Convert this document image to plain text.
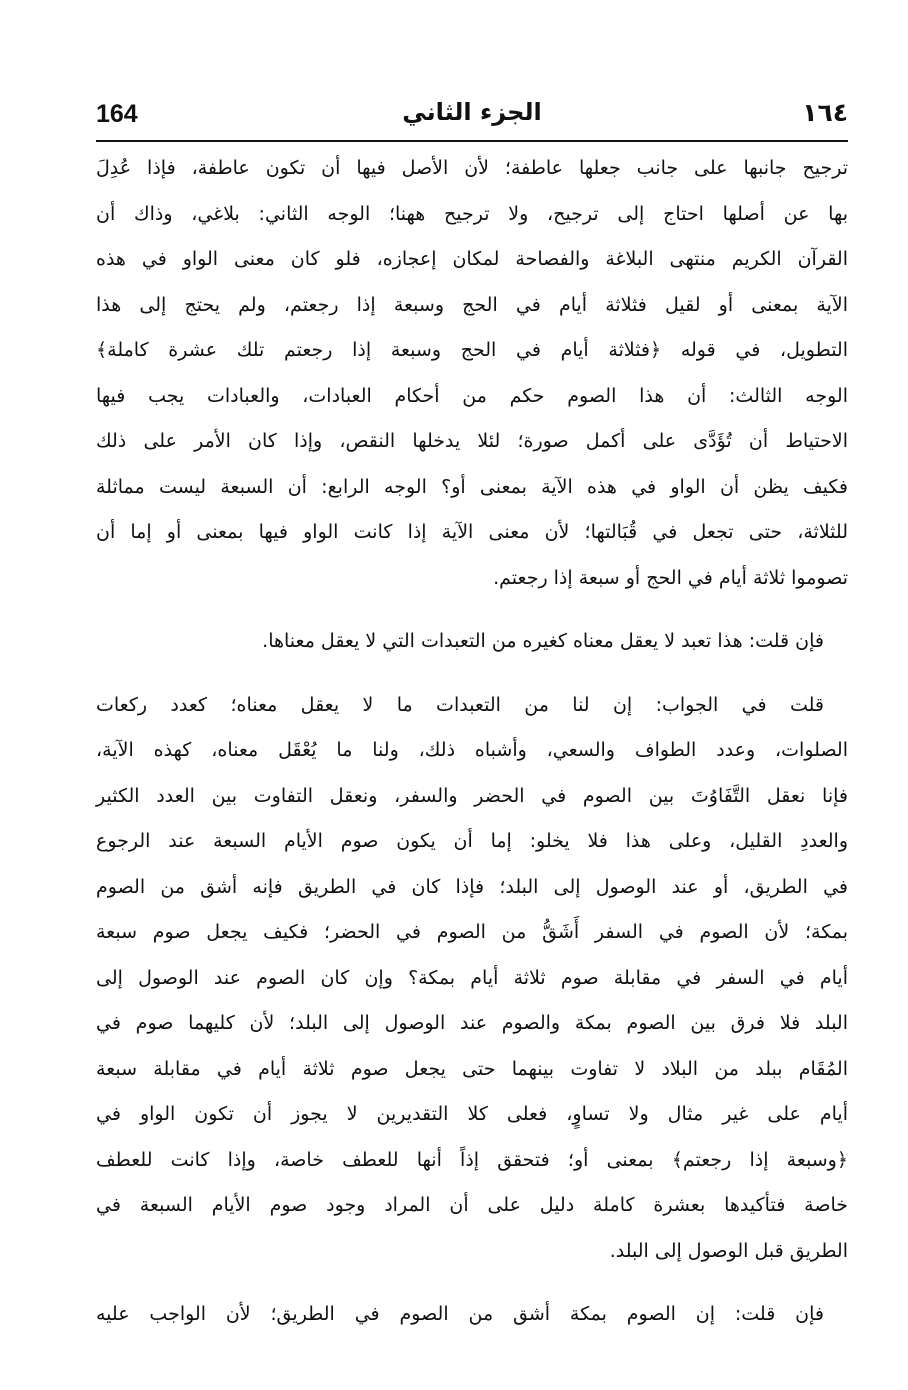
164	الجزء الثاني	١٦٤
ترجيح جانبها على جانب جعلها عاطفة؛ لأن الأصل فيها أن تكون عاطفة، فإذا عُدِلَ
بها عن أصلها احتاج إلى ترجيح، ولا ترجيح ههنا؛ الوجه الثاني: بلاغي، وذاك أن
القرآن الكريم منتهى البلاغة والفصاحة لمكان إعجازه، فلو كان معنى الواو في هذه
الآية بمعنى أو لقيل فثلاثة أيام في الحج وسبعة إذا رجعتم، ولم يحتج إلى هذا
التطويل، في قوله ﴿فثلاثة أيام في الحج وسبعة إذا رجعتم تلك عشرة كاملة﴾
الوجه الثالث: أن هذا الصوم حكم من أحكام العبادات، والعبادات يجب فيها
الاحتياط أن تُؤَدَّى على أكمل صورة؛ لئلا يدخلها النقص، وإذا كان الأمر على ذلك
فكيف يظن أن الواو في هذه الآية بمعنى أو؟ الوجه الرابع: أن السبعة ليست مماثلة
للثلاثة، حتى تجعل في قُبَالتها؛ لأن معنى الآية إذا كانت الواو فيها بمعنى أو إما أن
تصوموا ثلاثة أيام في الحج أو سبعة إذا رجعتم.
فإن قلت: هذا تعبد لا يعقل معناه كغيره من التعبدات التي لا يعقل معناها.
قلت في الجواب: إن لنا من التعبدات ما لا يعقل معناه؛ كعدد ركعات
الصلوات، وعدد الطواف والسعي، وأشباه ذلك، ولنا ما يُعْقَل معناه، كهذه الآية،
فإنا نعقل التَّفَاوُتَ بين الصوم في الحضر والسفر، ونعقل التفاوت بين العدد الكثير
والعددِ القليل، وعلى هذا فلا يخلو: إما أن يكون صوم الأيام السبعة عند الرجوع
في الطريق، أو عند الوصول إلى البلد؛ فإذا كان في الطريق فإنه أشق من الصوم
بمكة؛ لأن الصوم في السفر أَشَقُّ من الصوم في الحضر؛ فكيف يجعل صوم سبعة
أيام في السفر في مقابلة صوم ثلاثة أيام بمكة؟ وإن كان الصوم عند الوصول إلى
البلد فلا فرق بين الصوم بمكة والصوم عند الوصول إلى البلد؛ لأن كليهما صوم في
المُقَام ببلد من البلاد لا تفاوت بينهما حتى يجعل صوم ثلاثة أيام في مقابلة سبعة
أيام على غير مثال ولا تساوٍ، فعلى كلا التقديرين لا يجوز أن تكون الواو في
﴿وسبعة إذا رجعتم﴾ بمعنى أو؛ فتحقق إذاً أنها للعطف خاصة، وإذا كانت للعطف
خاصة فتأكيدها بعشرة كاملة دليل على أن المراد وجود صوم الأيام السبعة في
الطريق قبل الوصول إلى البلد.
فإن قلت: إن الصوم بمكة أشق من الصوم في الطريق؛ لأن الواجب عليه
